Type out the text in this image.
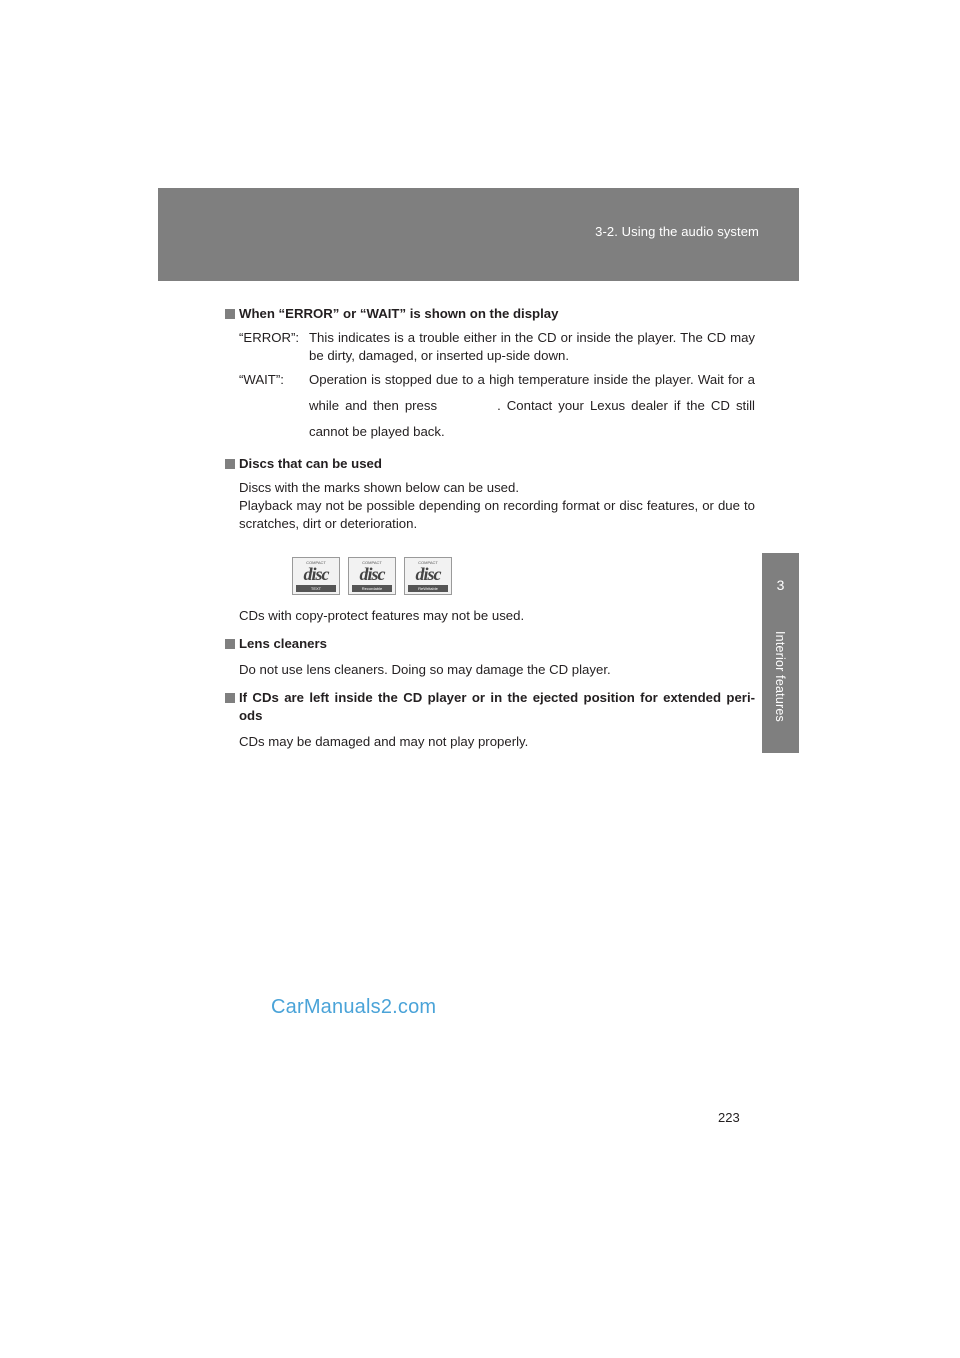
3-2. Using the audio system
3
Interior features
When “ERROR” or “WAIT” is shown on the display
“ERROR”: This indicates is a trouble either in the CD or inside the player. The CD may be dirty, damaged, or inserted up-side down.
“WAIT”:	Operation is stopped due to a high temperature inside the player. Wait for a while and then press	. Contact your Lexus dealer if the CD still cannot be played back.
Discs that can be used
Discs with the marks shown below can be used.
Playback may not be possible depending on recording format or disc features, or due to scratches, dirt or deterioration.
COMPACT
disc
TEXT
COMPACT
disc
Recordable
COMPACT
disc
ReWritable
CDs with copy-protect features may not be used.
Lens cleaners
Do not use lens cleaners. Doing so may damage the CD player.
If CDs are left inside the CD player or in the ejected position for extended peri- ods
CDs may be damaged and may not play properly.
CarManuals2.com
223
